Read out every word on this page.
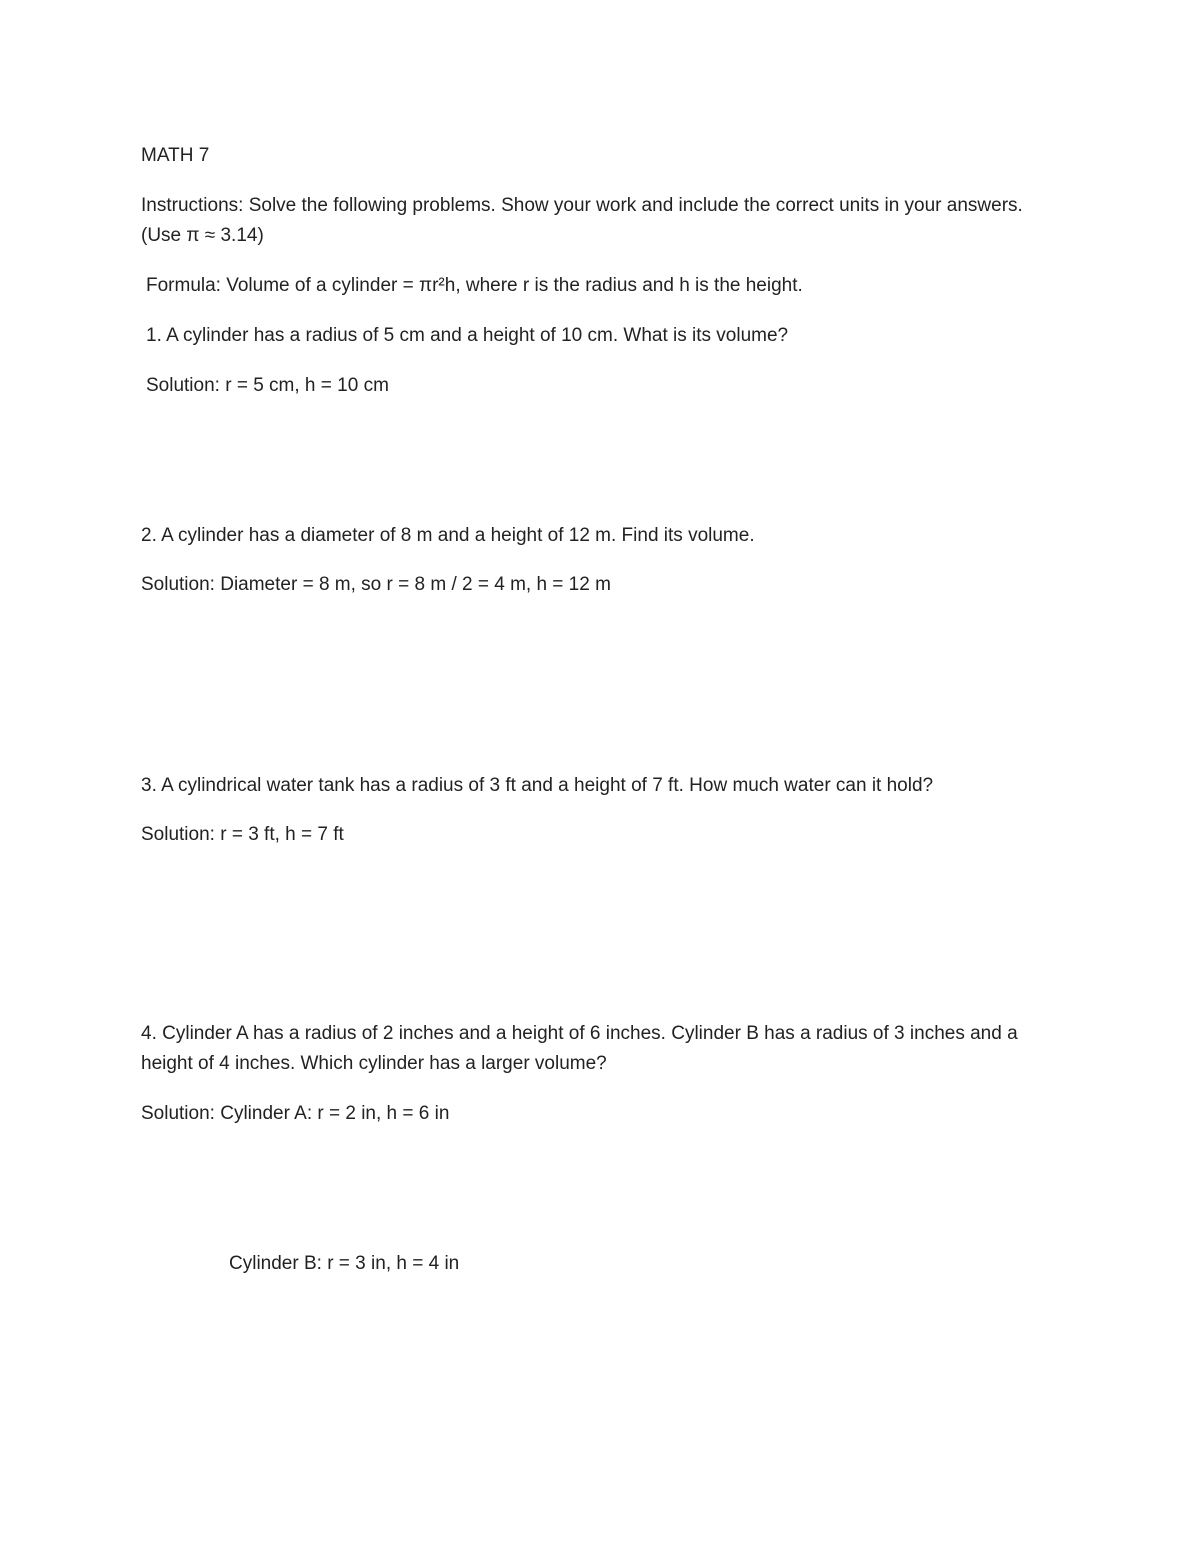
MATH 7
Instructions: Solve the following problems. Show your work and include the correct units in your answers. (Use π ≈ 3.14)
Formula: Volume of a cylinder = πr²h, where r is the radius and h is the height.
1. A cylinder has a radius of 5 cm and a height of 10 cm. What is its volume?
Solution: r = 5 cm, h = 10 cm
2. A cylinder has a diameter of 8 m and a height of 12 m. Find its volume.
Solution: Diameter = 8 m, so r = 8 m / 2 = 4 m, h = 12 m
3. A cylindrical water tank has a radius of 3 ft and a height of 7 ft. How much water can it hold?
Solution: r = 3 ft, h = 7 ft
4. Cylinder A has a radius of 2 inches and a height of 6 inches. Cylinder B has a radius of 3 inches and a height of 4 inches. Which cylinder has a larger volume?
Solution: Cylinder A: r = 2 in, h = 6 in
Cylinder B: r = 3 in, h = 4 in
